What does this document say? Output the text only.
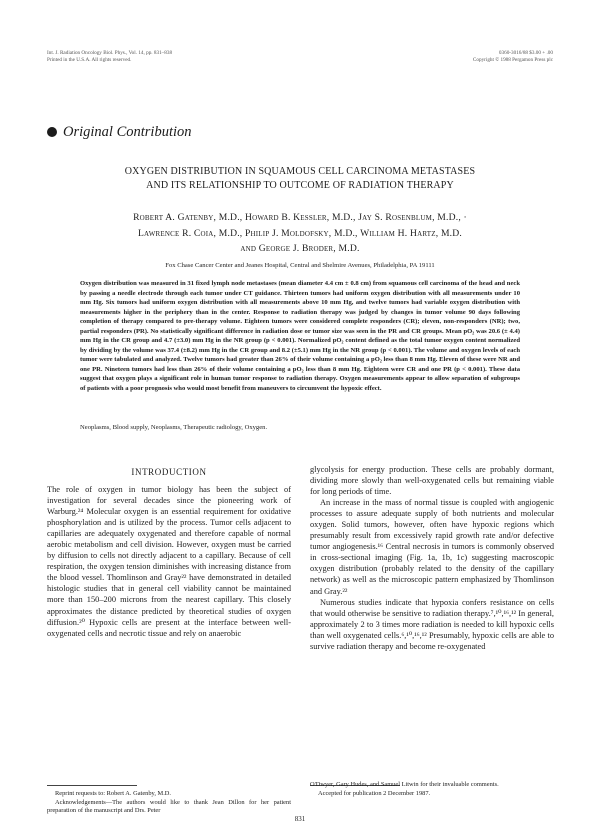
Int. J. Radiation Oncology Biol. Phys., Vol. 14, pp. 831–838
Printed in the U.S.A. All rights reserved.
0360-3016/88 $3.00 + .00
Copyright © 1988 Pergamon Press plc
Original Contribution
OXYGEN DISTRIBUTION IN SQUAMOUS CELL CARCINOMA METASTASES
AND ITS RELATIONSHIP TO OUTCOME OF RADIATION THERAPY
Robert A. Gatenby, M.D., Howard B. Kessler, M.D., Jay S. Rosenblum, M.D., ·
Lawrence R. Coia, M.D., Philip J. Moldofsky, M.D., William H. Hartz, M.D.
and George J. Broder, M.D.
Fox Chase Cancer Center and Jeanes Hospital, Central and Shelmire Avenues, Philadelphia, PA 19111
Oxygen distribution was measured in 31 fixed lymph node metastases (mean diameter 4.4 cm ± 0.8 cm) from squamous cell carcinoma of the head and neck by passing a needle electrode through each tumor under CT guidance. Thirteen tumors had uniform oxygen distribution with all measurements under 10 mm Hg. Six tumors had uniform oxygen distribution with all measurements above 10 mm Hg, and twelve tumors had variable oxygen distribution with measurements higher in the periphery than in the center. Response to radiation therapy was judged by changes in tumor volume 90 days following completion of therapy compared to pre-therapy volume. Eighteen tumors were considered complete responders (CR); eleven, non-responders (NR); two, partial responders (PR). No statistically significant difference in radiation dose or tumor size was seen in the PR and CR groups. Mean pO₂ was 20.6 (± 4.4) mm Hg in the CR group and 4.7 (±3.0) mm Hg in the NR group (p < 0.001). Normalized pO₂ content defined as the total tumor oxygen content normalized by dividing by the volume was 37.4 (±8.2) mm Hg in the CR group and 8.2 (±5.1) mm Hg in the NR group (p < 0.001). The volume and oxygen levels of each tumor were tabulated and analyzed. Twelve tumors had greater than 26% of their volume containing a pO₂ less than 8 mm Hg. Eleven of these were NR and one PR. Nineteen tumors had less than 26% of their volume containing a pO₂ less than 8 mm Hg. Eighteen were CR and one PR (p < 0.001). These data suggest that oxygen plays a significant role in human tumor response to radiation therapy. Oxygen measurements appear to allow separation of subgroups of patients with a poor prognosis who would most benefit from maneuvers to circumvent the hypoxic effect.
Neoplasms, Blood supply, Neoplasms, Therapeutic radiology, Oxygen.
INTRODUCTION

The role of oxygen in tumor biology has been the subject of investigation for several decades since the pioneering work of Warburg.²⁴ Molecular oxygen is an essential requirement for oxidative phosphorylation and is utilized by the process. Tumor cells adjacent to capillaries are adequately oxygenated and therefore capable of normal aerobic metabolism and cell division. However, oxygen must be carried by diffusion to cells not directly adjacent to a capillary. Because of cell respiration, the oxygen tension diminishes with increasing distance from the blood vessel. Thomlinson and Gray²² have demonstrated in detailed histologic studies that in general cell viability cannot be maintained more than 150–200 microns from the nearest capillary. This closely approximates the distance predicted by theoretical studies of oxygen diffusion.²⁰ Hypoxic cells are present at the interface between well-oxygenated cells and necrotic tissue and rely on anaerobic

glycolysis for energy production. These cells are probably dormant, dividing more slowly than well-oxygenated cells but remaining viable for long periods of time.

An increase in the mass of normal tissue is coupled with angiogenic processes to assure adequate supply of both nutrients and molecular oxygen. Solid tumors, however, often have hypoxic regions which presumably result from excessively rapid growth rate and/or defective tumor angiogenesis.¹⁶ Central necrosis in tumors is commonly observed in cross-sectional imaging (Fig. 1a, 1b, 1c) suggesting macroscopic oxygen distribution (probably related to the density of the capillary network) as well as the microscopic pattern emphasized by Thomlinson and Gray.²²

Numerous studies indicate that hypoxia confers resistance on cells that would otherwise be sensitive to radiation therapy.⁷,¹⁰,¹⁶,¹² In general, approximately 2 to 3 times more radiation is needed to kill hypoxic cells than well oxygenated cells.⁶,¹⁰,¹⁶,¹² Presumably, hypoxic cells are able to survive radiation therapy and become re-oxygenated

Reprint requests to: Robert A. Gatenby, M.D.

Acknowledgements—The authors would like to thank Jean Dillon for her patient preparation of the manuscript and Drs. Peter

O'Dwyer, Gary Hudes, and Samuel Litwin for their invaluable comments.

Accepted for publication 2 December 1987.

831
